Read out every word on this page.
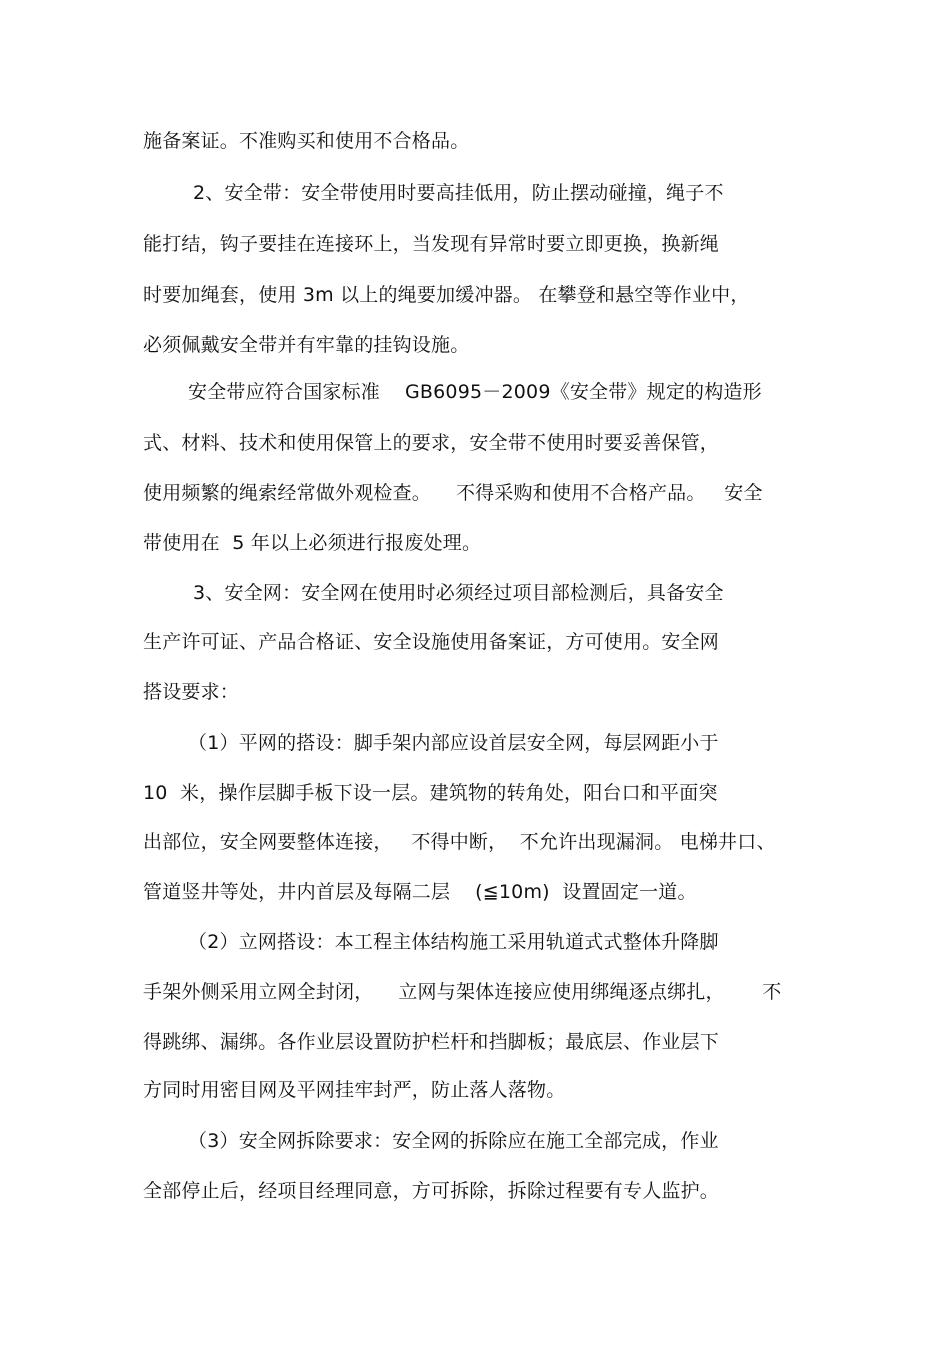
施备案证。不准购买和使用不合格品。
2、安全带：安全带使用时要高挂低用，防止摆动碰撞，绳子不
能打结，钩子要挂在连接环上，当发现有异常时要立即更换，换新绳
时要加绳套，使用 3m 以上的绳要加缓冲器。 在攀登和悬空等作业中，
必须佩戴安全带并有牢靠的挂钩设施。
安全带应符合国家标准    GB6095－2009《安全带》规定的构造形
式、材料、技术和使用保管上的要求，安全带不使用时要妥善保管，
使用频繁的绳索经常做外观检查。    不得采购和使用不合格产品。   安全
带使用在  5 年以上必须进行报废处理。
3、安全网：安全网在使用时必须经过项目部检测后，具备安全
生产许可证、产品合格证、安全设施使用备案证，方可使用。安全网
搭设要求：
（1）平网的搭设：脚手架内部应设首层安全网，每层网距小于
10  米，操作层脚手板下设一层。建筑物的转角处，阳台口和平面突
出部位，安全网要整体连接，   不得中断，  不允许出现漏洞。 电梯井口、
管道竖井等处，井内首层及每隔二层    (≦10m)  设置固定一道。
（2）立网搭设：本工程主体结构施工采用轨道式式整体升降脚
手架外侧采用立网全封闭，    立网与架体连接应使用绑绳逐点绑扎，      不
得跳绑、漏绑。各作业层设置防护栏杆和挡脚板；最底层、作业层下
方同时用密目网及平网挂牢封严，防止落人落物。
（3）安全网拆除要求：安全网的拆除应在施工全部完成，作业
全部停止后，经项目经理同意，方可拆除，拆除过程要有专人监护。
